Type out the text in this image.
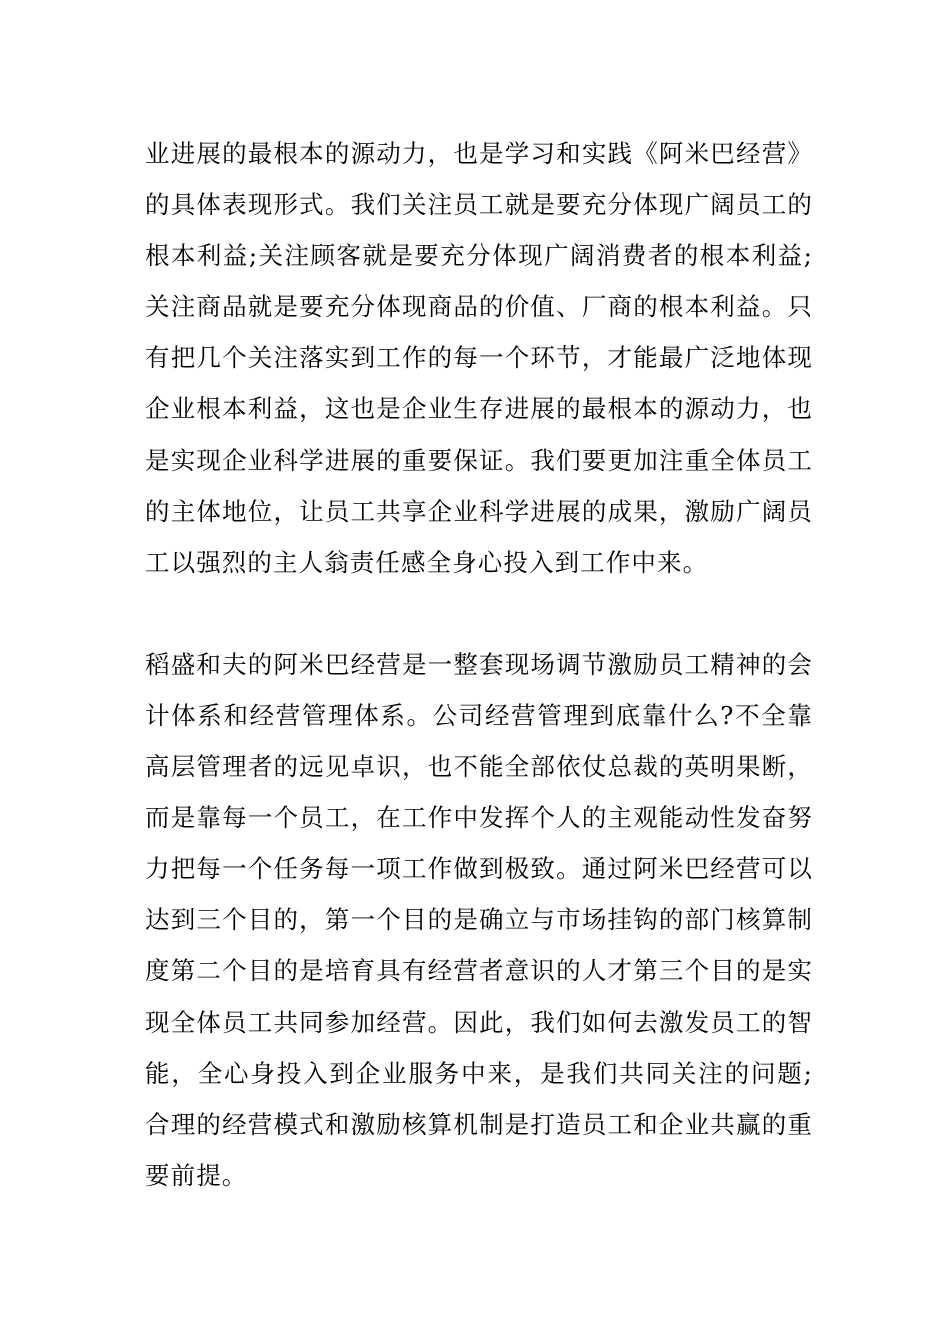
业进展的最根本的源动力，也是学习和实践《阿米巴经营》的具体表现形式。我们关注员工就是要充分体现广阔员工的根本利益;关注顾客就是要充分体现广阔消费者的根本利益;关注商品就是要充分体现商品的价值、厂商的根本利益。只有把几个关注落实到工作的每一个环节，才能最广泛地体现企业根本利益，这也是企业生存进展的最根本的源动力，也是实现企业科学进展的重要保证。我们要更加注重全体员工的主体地位，让员工共享企业科学进展的成果，激励广阔员工以强烈的主人翁责任感全身心投入到工作中来。

稻盛和夫的阿米巴经营是一整套现场调节激励员工精神的会计体系和经营管理体系。公司经营管理到底靠什么?不全靠高层管理者的远见卓识，也不能全部依仗总裁的英明果断，而是靠每一个员工，在工作中发挥个人的主观能动性发奋努力把每一个任务每一项工作做到极致。通过阿米巴经营可以达到三个目的，第一个目的是确立与市场挂钩的部门核算制度第二个目的是培育具有经营者意识的人才第三个目的是实现全体员工共同参加经营。因此，我们如何去激发员工的智能，全心身投入到企业服务中来，是我们共同关注的问题;合理的经营模式和激励核算机制是打造员工和企业共赢的重要前提。
